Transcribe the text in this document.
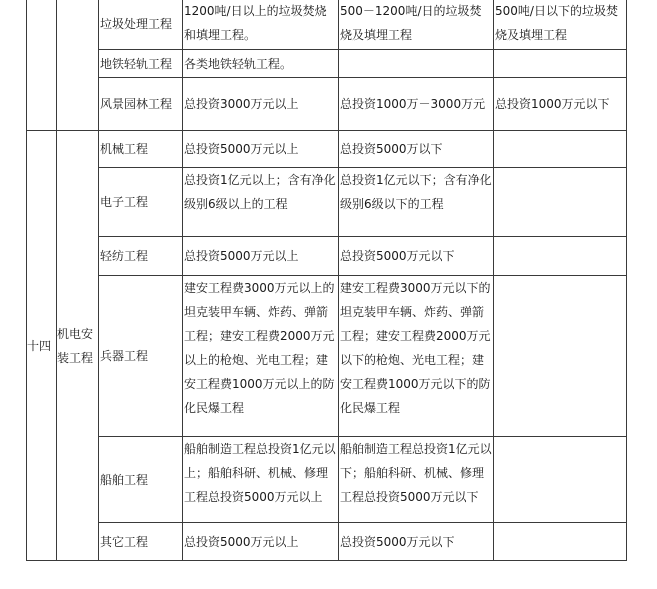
		垃圾处理工程	1200吨/日以上的垃圾焚烧和填埋工程。	500－1200吨/日的垃圾焚烧及填埋工程	500吨/日以下的垃圾焚烧及填埋工程
		地铁轻轨工程	各类地铁轻轨工程。		
		风景园林工程	总投资3000万元以上	总投资1000万－3000万元	总投资1000万元以下
十四	机电安装工程	机械工程	总投资5000万元以上	总投资5000万以下	
		电子工程	总投资1亿元以上；含有净化级别6级以上的工程	总投资1亿元以下；含有净化级别6级以下的工程	
		轻纺工程	总投资5000万元以上	总投资5000万元以下	
		兵器工程	建安工程费3000万元以上的坦克装甲车辆、炸药、弹箭工程；建安工程费2000万元以上的枪炮、光电工程；建安工程费1000万元以上的防化民爆工程	建安工程费3000万元以下的坦克装甲车辆、炸药、弹箭工程；建安工程费2000万元以下的枪炮、光电工程；建安工程费1000万元以下的防化民爆工程	
		船舶工程	船舶制造工程总投资1亿元以上；船舶科研、机械、修理工程总投资5000万元以上	船舶制造工程总投资1亿元以下；船舶科研、机械、修理工程总投资5000万元以下	
		其它工程	总投资5000万元以上	总投资5000万元以下	
